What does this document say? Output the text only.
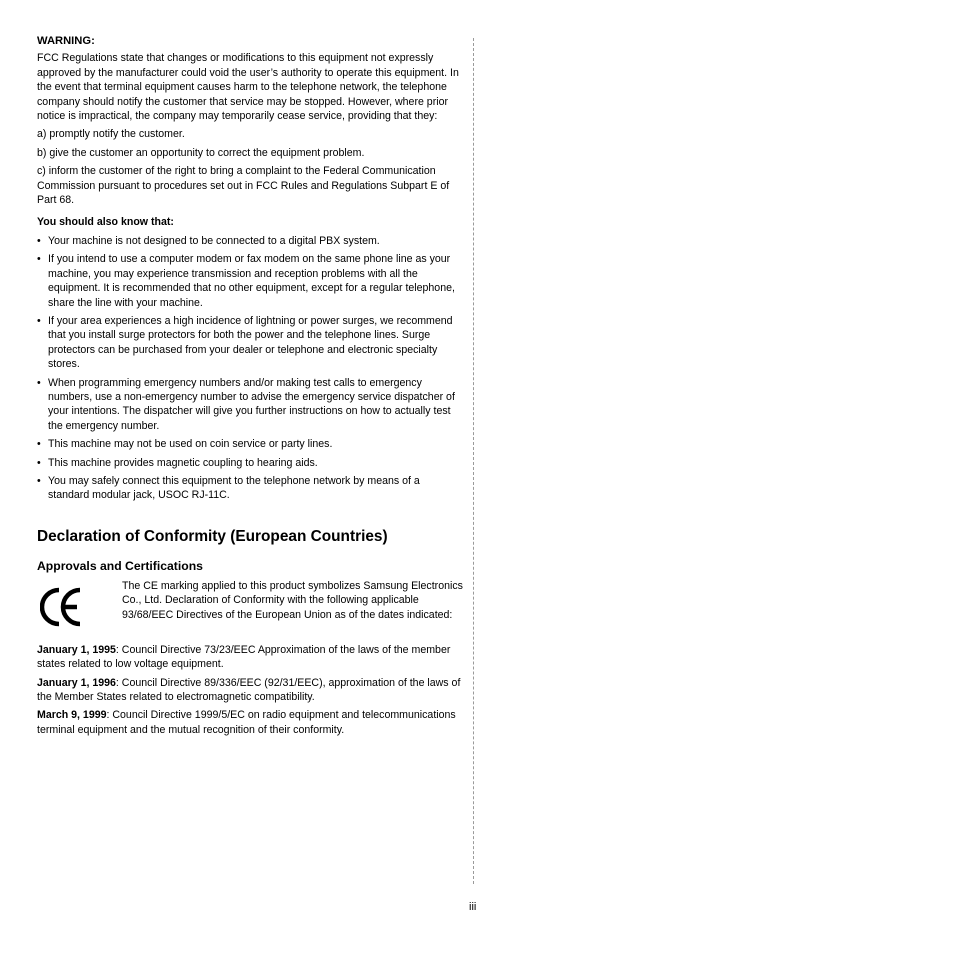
WARNING:

FCC Regulations state that changes or modifications to this equipment not expressly approved by the manufacturer could void the user’s authority to operate this equipment. In the event that terminal equipment causes harm to the telephone network, the telephone company should notify the customer that service may be stopped. However, where prior notice is impractical, the company may temporarily cease service, providing that they:

a) promptly notify the customer.

b) give the customer an opportunity to correct the equipment problem.

c) inform the customer of the right to bring a complaint to the Federal Communication Commission pursuant to procedures set out in FCC Rules and Regulations Subpart E of Part 68.

You should also know that:
• Your machine is not designed to be connected to a digital PBX system.
• If you intend to use a computer modem or fax modem on the same phone line as your machine, you may experience transmission and reception problems with all the equipment. It is recommended that no other equipment, except for a regular telephone, share the line with your machine.
• If your area experiences a high incidence of lightning or power surges, we recommend that you install surge protectors for both the power and the telephone lines. Surge protectors can be purchased from your dealer or telephone and electronic specialty stores.
• When programming emergency numbers and/or making test calls to emergency numbers, use a non-emergency number to advise the emergency service dispatcher of your intentions. The dispatcher will give you further instructions on how to actually test the emergency number.
• This machine may not be used on coin service or party lines.
• This machine provides magnetic coupling to hearing aids.
• You may safely connect this equipment to the telephone network by means of a standard modular jack, USOC RJ-11C.
Declaration of Conformity (European Countries)
Approvals and Certifications
The CE marking applied to this product symbolizes Samsung Electronics Co., Ltd. Declaration of Conformity with the following applicable 93/68/EEC Directives of the European Union as of the dates indicated:

January 1, 1995: Council Directive 73/23/EEC Approximation of the laws of the member states related to low voltage equipment.

January 1, 1996: Council Directive 89/336/EEC (92/31/EEC), approximation of the laws of the Member States related to electromagnetic compatibility.

March 9, 1999: Council Directive 1999/5/EC on radio equipment and telecommunications terminal equipment and the mutual recognition of their conformity.

iii
